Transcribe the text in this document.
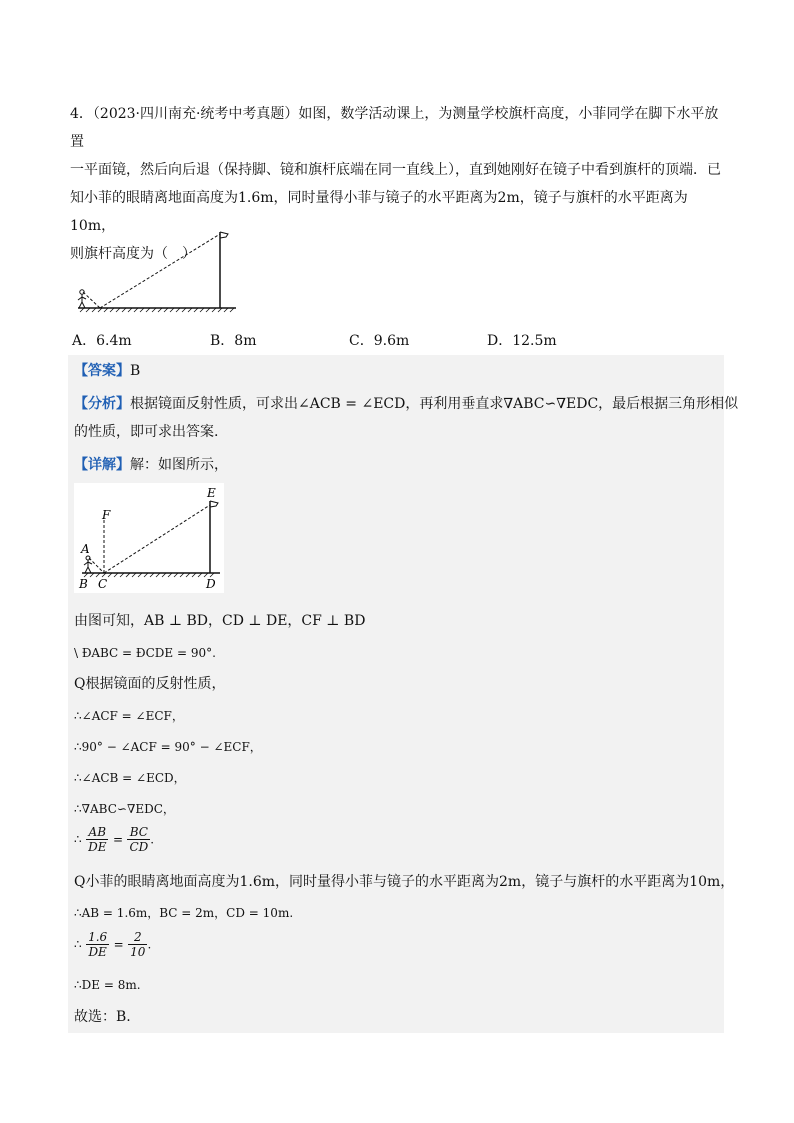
4．（2023·四川南充·统考中考真题）如图，数学活动课上，为测量学校旗杆高度，小菲同学在脚下水平放置

一平面镜，然后向后退（保持脚、镜和旗杆底端在同一直线上），直到她刚好在镜子中看到旗杆的顶端．已

知小菲的眼睛离地面高度为1.6m，同时量得小菲与镜子的水平距离为2m，镜子与旗杆的水平距离为10m，

则旗杆高度为（　）

A．6.4m	B．8m	C．9.6m	D．12.5m
【答案】B
【分析】根据镜面反射性质，可求出∠ACB = ∠ECD，再利用垂直求∇ABC∽∇EDC，最后根据三角形相似
的性质，即可求出答案.
【详解】解：如图所示，
F
A
B C	D
E
由图可知，AB ⊥ BD，CD ⊥ DE，CF ⊥ BD
\ ÐABC = ÐCDE = 90°.
Q根据镜面的反射性质，
∴∠ACF = ∠ECF，
∴90° − ∠ACF = 90° − ∠ECF，
∴∠ACB = ∠ECD，
∴∇ABC∽∇EDC，
∴ $\frac{AB}{DE} = \frac{BC}{CD}$ .
Q小菲的眼睛离地面高度为1.6m，同时量得小菲与镜子的水平距离为2m，镜子与旗杆的水平距离为10m，
∴AB = 1.6m，BC = 2m，CD = 10m.
∴ $\frac{1.6}{DE} = \frac{2}{10}$ .
∴DE = 8m.
故选：B.
